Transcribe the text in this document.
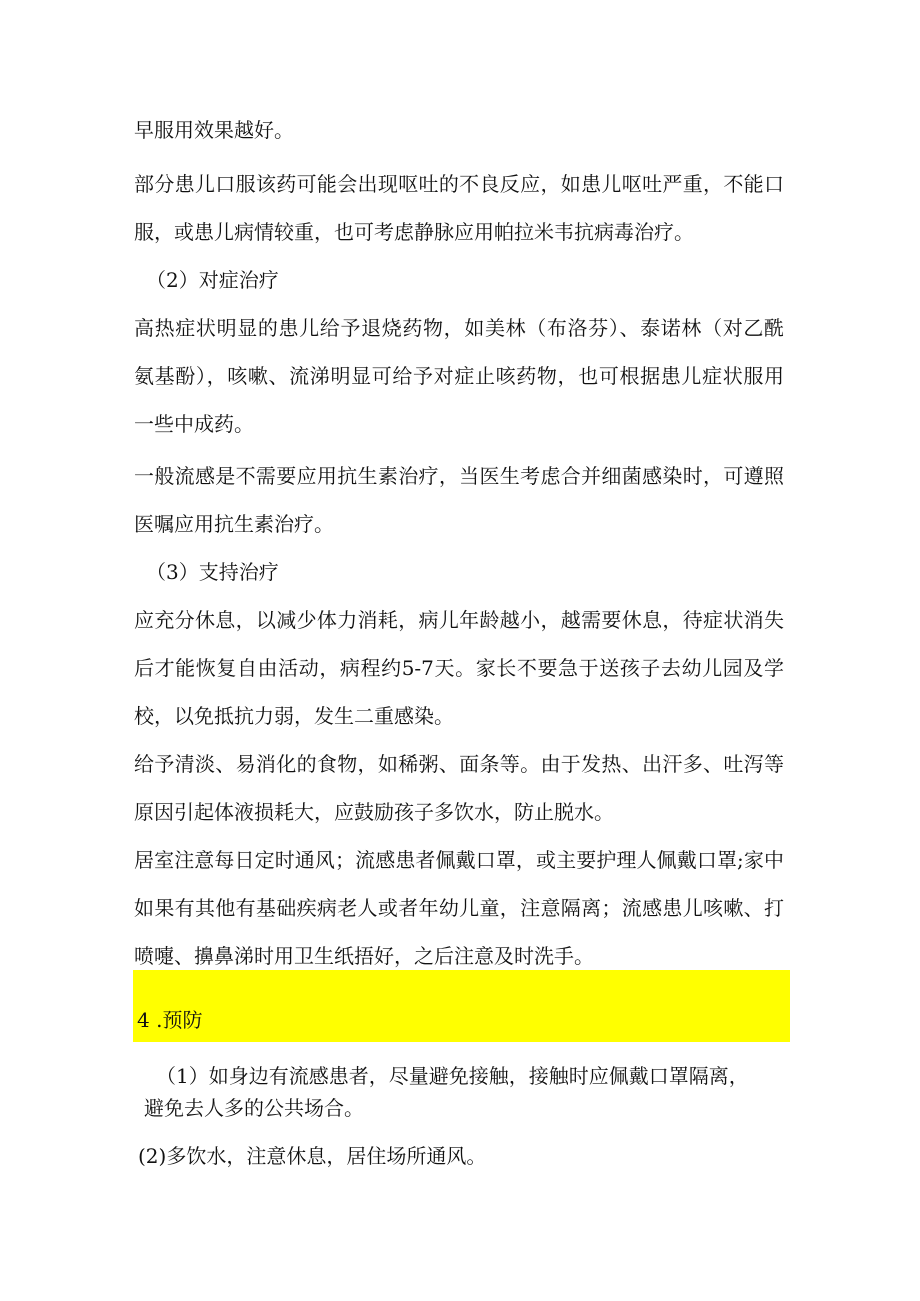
早服用效果越好。
部分患儿口服该药可能会出现呕吐的不良反应，如患儿呕吐严重，不能口
服，或患儿病情较重，也可考虑静脉应用帕拉米韦抗病毒治疗。
（2）对症治疗
高热症状明显的患儿给予退烧药物，如美林（布洛芬）、泰诺林（对乙酰
氨基酚），咳嗽、流涕明显可给予对症止咳药物，也可根据患儿症状服用
一些中成药。
一般流感是不需要应用抗生素治疗，当医生考虑合并细菌感染时，可遵照
医嘱应用抗生素治疗。
（3）支持治疗
应充分休息，以减少体力消耗，病儿年龄越小，越需要休息，待症状消失
后才能恢复自由活动，病程约5-7天。家长不要急于送孩子去幼儿园及学
校，以免抵抗力弱，发生二重感染。
给予清淡、易消化的食物，如稀粥、面条等。由于发热、出汗多、吐泻等
原因引起体液损耗大，应鼓励孩子多饮水，防止脱水。
居室注意每日定时通风；流感患者佩戴口罩，或主要护理人佩戴口罩;家中
如果有其他有基础疾病老人或者年幼儿童，注意隔离；流感患儿咳嗽、打
喷嚏、擤鼻涕时用卫生纸捂好，之后注意及时洗手。
4 .预防
（1）如身边有流感患者，尽量避免接触，接触时应佩戴口罩隔离，
避免去人多的公共场合。
(2)多饮水，注意休息，居住场所通风。
